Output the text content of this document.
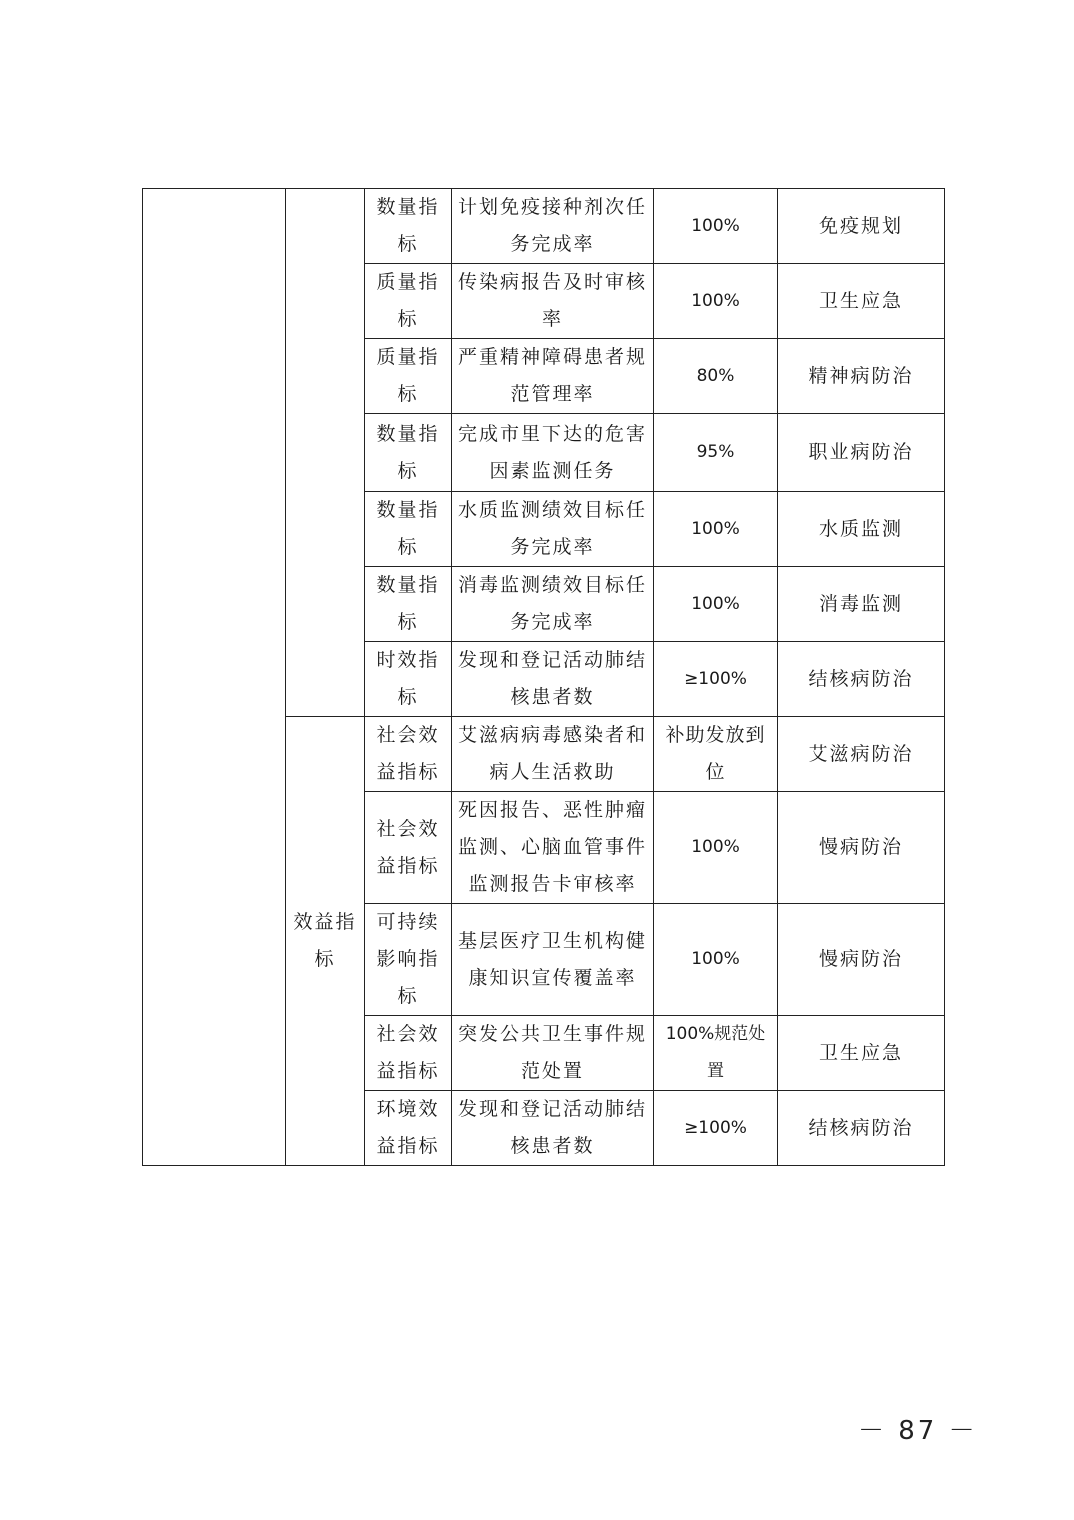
		数量指标	计划免疫接种剂次任务完成率	100%	免疫规划
		质量指标	传染病报告及时审核率	100%	卫生应急
		质量指标	严重精神障碍患者规范管理率	80%	精神病防治
		数量指标	完成市里下达的危害因素监测任务	95%	职业病防治
		数量指标	水质监测绩效目标任务完成率	100%	水质监测
		数量指标	消毒监测绩效目标任务完成率	100%	消毒监测
		时效指标	发现和登记活动肺结核患者数	≥100%	结核病防治
	效益指标	社会效益指标	艾滋病病毒感染者和病人生活救助	补助发放到位	艾滋病防治
		社会效益指标	死因报告、恶性肿瘤监测、心脑血管事件监测报告卡审核率	100%	慢病防治
		可持续影响指标	基层医疗卫生机构健康知识宣传覆盖率	100%	慢病防治
		社会效益指标	突发公共卫生事件规范处置	100%规范处置	卫生应急
		环境效益指标	发现和登记活动肺结核患者数	≥100%	结核病防治
－ 87 －
